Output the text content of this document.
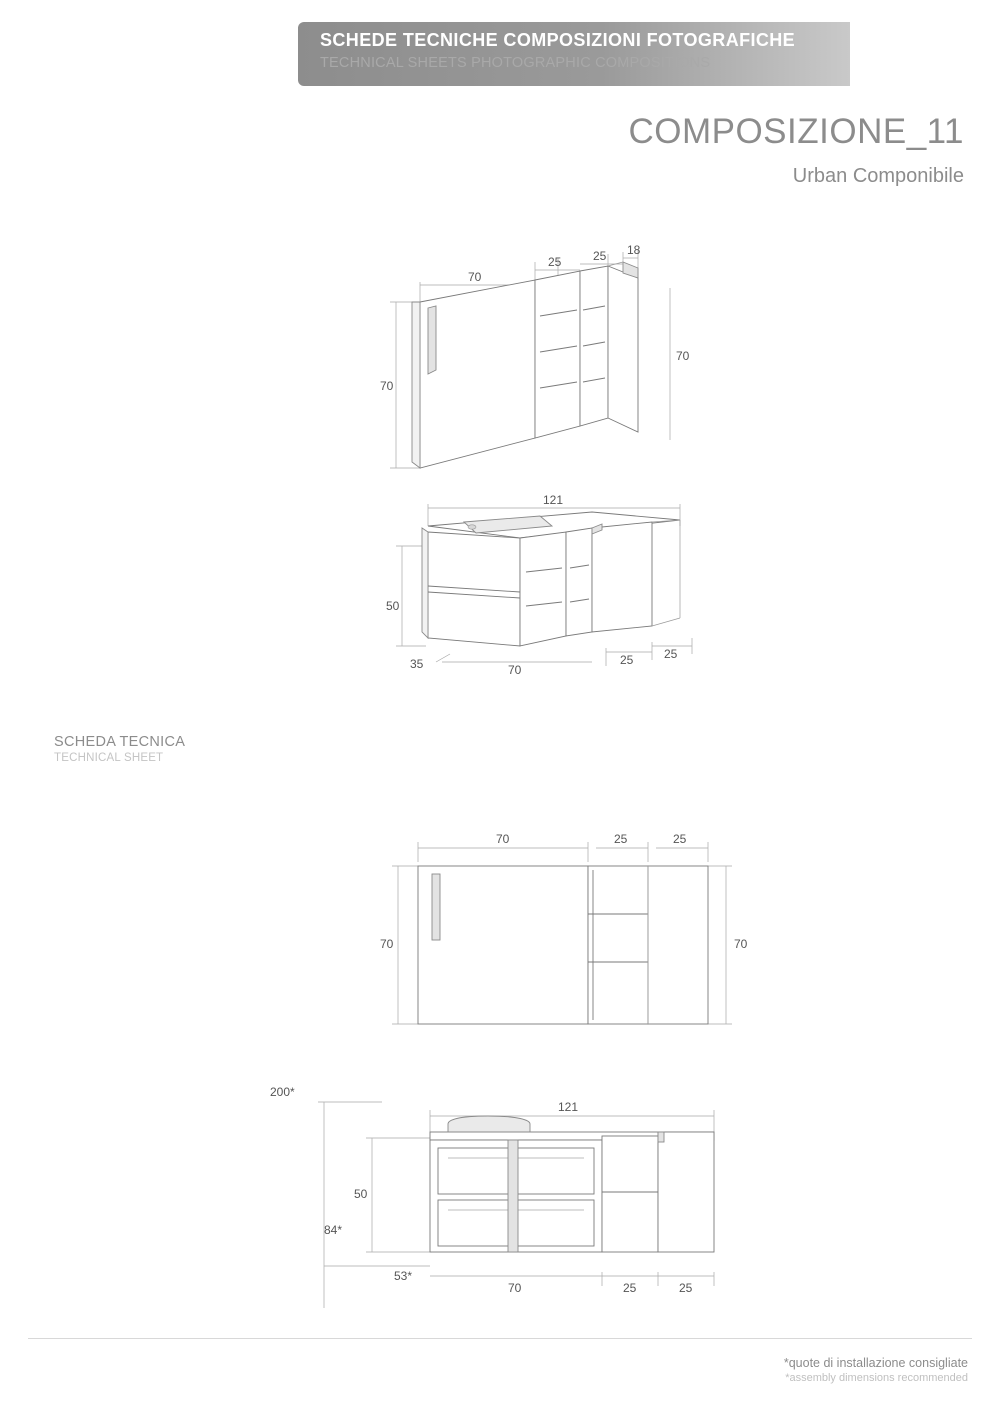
SCHEDE TECNICHE COMPOSIZIONI FOTOGRAFICHE
TECHNICAL SHEETS PHOTOGRAPHIC COMPOSITIONS
COMPOSIZIONE_11
Urban Componibile
70
25	25 18
70
70
121
50
35	70
25	25
SCHEDA TECNICA
TECHNICAL SHEET
70	25	25
70	70
200*
121
50
84*
53*
70	25	25
*quote di installazione consigliate
*assembly dimensions recommended
